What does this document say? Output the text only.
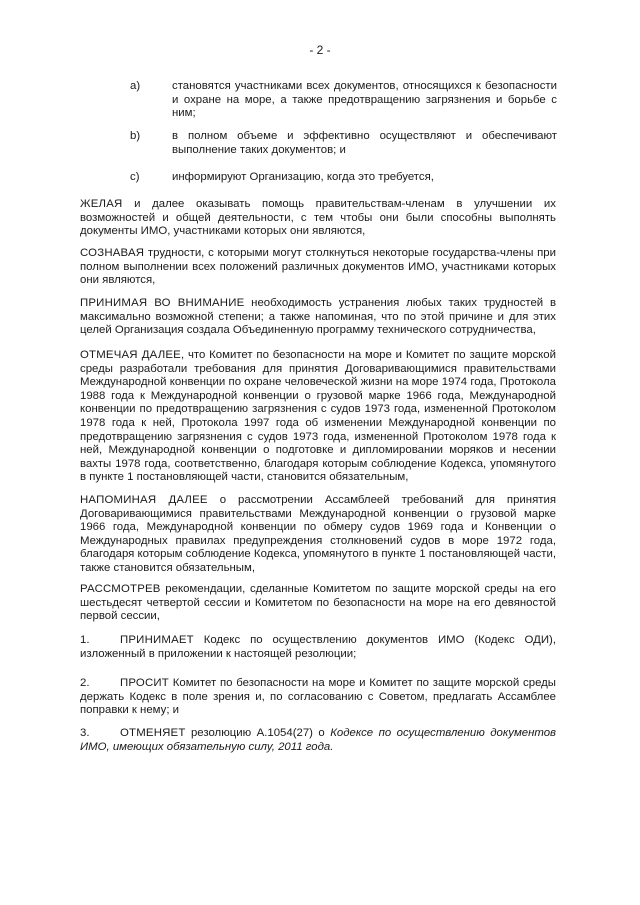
- 2 -
a)	становятся участниками всех документов, относящихся к безопасности и охране на море, а также предотвращению загрязнения и борьбе с ним;
b)	в полном объеме и эффективно осуществляют и обеспечивают выполнение таких документов; и
c)	информируют Организацию, когда это требуется,
ЖЕЛАЯ и далее оказывать помощь правительствам-членам в улучшении их возможностей и общей деятельности, с тем чтобы они были способны выполнять документы ИМО, участниками которых они являются,
СОЗНАВАЯ трудности, с которыми могут столкнуться некоторые государства-члены при полном выполнении всех положений различных документов ИМО, участниками которых они являются,
ПРИНИМАЯ ВО ВНИМАНИЕ необходимость устранения любых таких трудностей в максимально возможной степени; а также напоминая, что по этой причине и для этих целей Организация создала Объединенную программу технического сотрудничества,
ОТМЕЧАЯ ДАЛЕЕ, что Комитет по безопасности на море и Комитет по защите морской среды разработали требования для принятия Договаривающимися правительствами Международной конвенции по охране человеческой жизни на море 1974 года, Протокола 1988 года к Международной конвенции о грузовой марке 1966 года, Международной конвенции по предотвращению загрязнения с судов 1973 года, измененной Протоколом 1978 года к ней, Протокола 1997 года об изменении Международной конвенции по предотвращению загрязнения с судов 1973 года, измененной Протоколом 1978 года к ней, Международной конвенции о подготовке и дипломировании моряков и несении вахты 1978 года, соответственно, благодаря которым соблюдение Кодекса, упомянутого в пункте 1 постановляющей части, становится обязательным,
НАПОМИНАЯ ДАЛЕЕ о рассмотрении Ассамблеей требований для принятия Договаривающимися правительствами Международной конвенции о грузовой марке 1966 года, Международной конвенции по обмеру судов 1969 года и Конвенции о Международных правилах предупреждения столкновений судов в море 1972 года, благодаря которым соблюдение Кодекса, упомянутого в пункте 1 постановляющей части, также становится обязательным,
РАССМОТРЕВ рекомендации, сделанные Комитетом по защите морской среды на его шестьдесят четвертой сессии и Комитетом по безопасности на море на его девяностой первой сессии,
1.	ПРИНИМАЕТ Кодекс по осуществлению документов ИМО (Кодекс ОДИ), изложенный в приложении к настоящей резолюции;
2.	ПРОСИТ Комитет по безопасности на море и Комитет по защите морской среды держать Кодекс в поле зрения и, по согласованию с Советом, предлагать Ассамблее поправки к нему; и
3.	ОТМЕНЯЕТ резолюцию А.1054(27) о Кодексе по осуществлению документов ИМО, имеющих обязательную силу, 2011 года.
